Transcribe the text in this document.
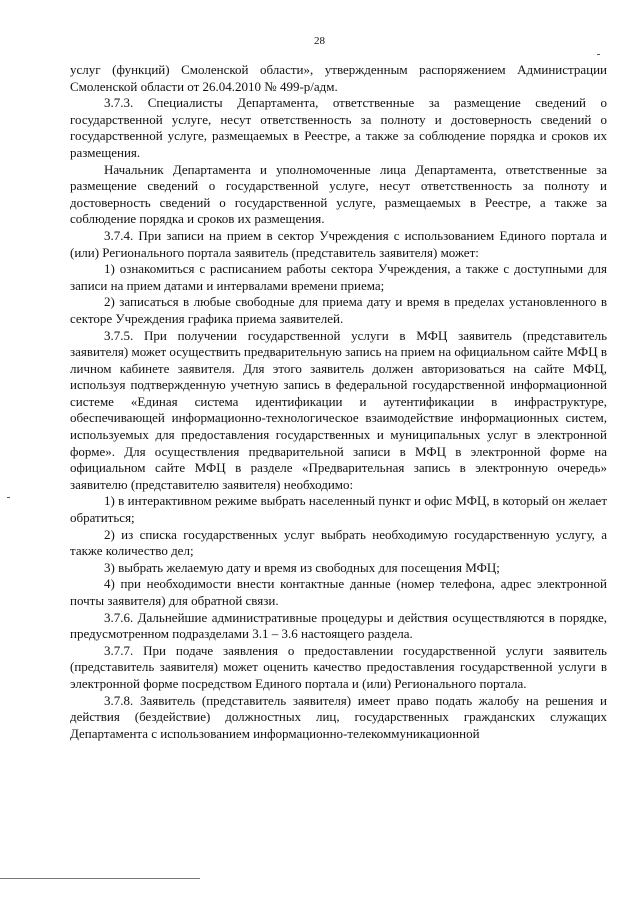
28

услуг (функций) Смоленской области», утвержденным распоряжением Администрации Смоленской области от 26.04.2010 № 499-р/адм.

3.7.3. Специалисты Департамента, ответственные за размещение сведений о государственной услуге, несут ответственность за полноту и достоверность сведений о государственной услуге, размещаемых в Реестре, а также за соблюдение порядка и сроков их размещения.

Начальник Департамента и уполномоченные лица Департамента, ответственные за размещение сведений о государственной услуге, несут ответственность за полноту и достоверность сведений о государственной услуге, размещаемых в Реестре, а также за соблюдение порядка и сроков их размещения.

3.7.4. При записи на прием в сектор Учреждения с использованием Единого портала и (или) Регионального портала заявитель (представитель заявителя) может:

1) ознакомиться с расписанием работы сектора Учреждения, а также с доступными для записи на прием датами и интервалами времени приема;

2) записаться в любые свободные для приема дату и время в пределах установленного в секторе Учреждения графика приема заявителей.

3.7.5. При получении государственной услуги в МФЦ заявитель (представитель заявителя) может осуществить предварительную запись на прием на официальном сайте МФЦ в личном кабинете заявителя. Для этого заявитель должен авторизоваться на сайте МФЦ, используя подтвержденную учетную запись в федеральной государственной информационной системе «Единая система идентификации и аутентификации в инфраструктуре, обеспечивающей информационно-технологическое взаимодействие информационных систем, используемых для предоставления государственных и муниципальных услуг в электронной форме». Для осуществления предварительной записи в МФЦ в электронной форме на официальном сайте МФЦ в разделе «Предварительная запись в электронную очередь» заявителю (представителю заявителя) необходимо:

1) в интерактивном режиме выбрать населенный пункт и офис МФЦ, в который он желает обратиться;

2) из списка государственных услуг выбрать необходимую государственную услугу, а также количество дел;

3) выбрать желаемую дату и время из свободных для посещения МФЦ;

4) при необходимости внести контактные данные (номер телефона, адрес электронной почты заявителя) для обратной связи.

3.7.6. Дальнейшие административные процедуры и действия осуществляются в порядке, предусмотренном подразделами 3.1 – 3.6 настоящего раздела.

3.7.7. При подаче заявления о предоставлении государственной услуги заявитель (представитель заявителя) может оценить качество предоставления государственной услуги в электронной форме посредством Единого портала и (или) Регионального портала.

3.7.8. Заявитель (представитель заявителя) имеет право подать жалобу на решения и действия (бездействие) должностных лиц, государственных гражданских служащих Департамента с использованием информационно-телекоммуникационной
